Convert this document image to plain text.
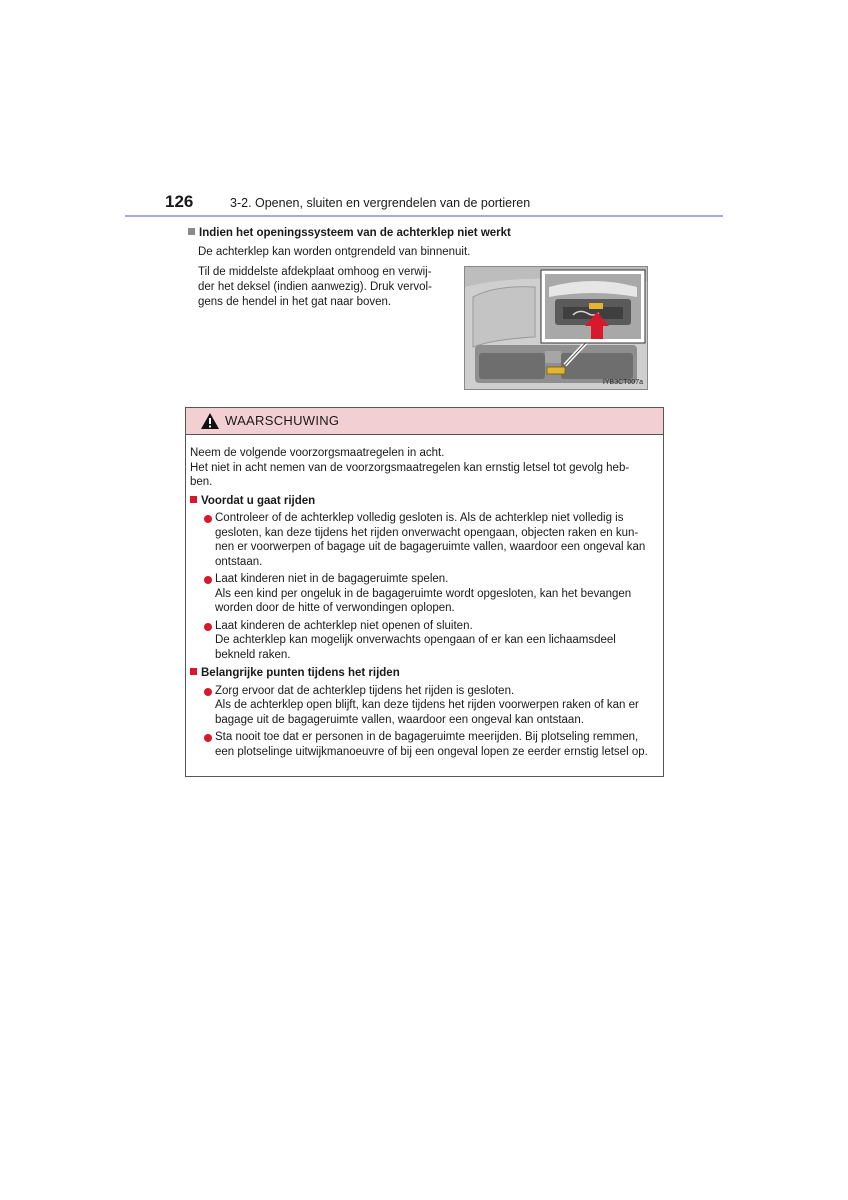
126	3-2. Openen, sluiten en vergrendelen van de portieren
Indien het openingssysteem van de achterklep niet werkt
De achterklep kan worden ontgrendeld van binnenuit.
Til de middelste afdekplaat omhoog en verwij-
der het deksel (indien aanwezig). Druk vervol-
gens de hendel in het gat naar boven.
IYB3CT007a
WAARSCHUWING
Neem de volgende voorzorgsmaatregelen in acht.
Het niet in acht nemen van de voorzorgsmaatregelen kan ernstig letsel tot gevolg heb-
ben.
Voordat u gaat rijden
Controleer of de achterklep volledig gesloten is. Als de achterklep niet volledig is
gesloten, kan deze tijdens het rijden onverwacht opengaan, objecten raken en kun-
nen er voorwerpen of bagage uit de bagageruimte vallen, waardoor een ongeval kan
ontstaan.
Laat kinderen niet in de bagageruimte spelen.
Als een kind per ongeluk in de bagageruimte wordt opgesloten, kan het bevangen
worden door de hitte of verwondingen oplopen.
Laat kinderen de achterklep niet openen of sluiten.
De achterklep kan mogelijk onverwachts opengaan of er kan een lichaamsdeel
bekneld raken.
Belangrijke punten tijdens het rijden
Zorg ervoor dat de achterklep tijdens het rijden is gesloten.
Als de achterklep open blijft, kan deze tijdens het rijden voorwerpen raken of kan er
bagage uit de bagageruimte vallen, waardoor een ongeval kan ontstaan.
Sta nooit toe dat er personen in de bagageruimte meerijden. Bij plotseling remmen,
een plotselinge uitwijkmanoeuvre of bij een ongeval lopen ze eerder ernstig letsel op.
